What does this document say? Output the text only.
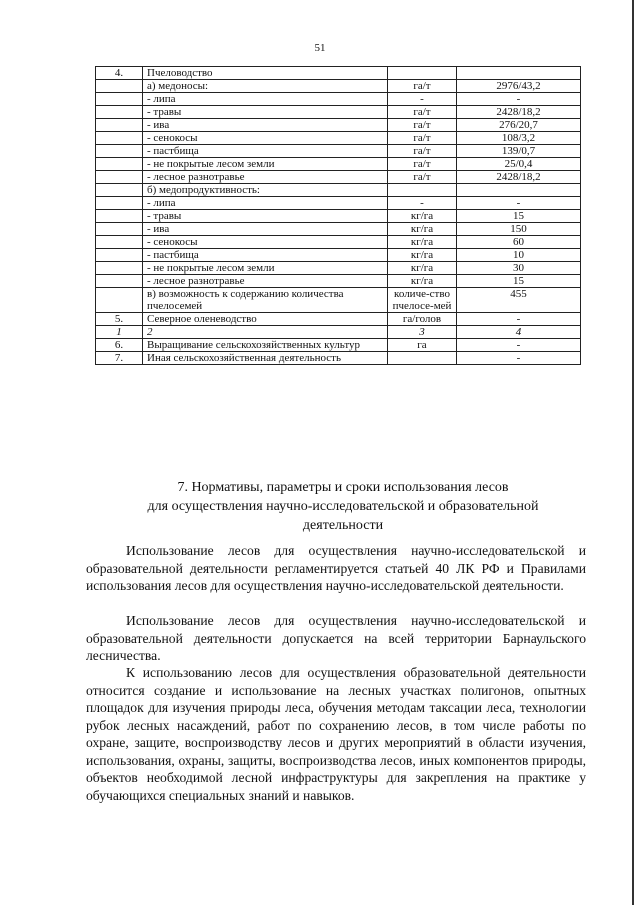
51
4.	Пчеловодство		
	а) медоносы:	га/т	2976/43,2
	- липа	-	-
	- травы	га/т	2428/18,2
	- ива	га/т	276/20,7
	- сенокосы	га/т	108/3,2
	- пастбища	га/т	139/0,7
	- не покрытые лесом земли	га/т	25/0,4
	- лесное разнотравье	га/т	2428/18,2
	б) медопродуктивность:		
	- липа	-	-
	- травы	кг/га	15
	- ива	кг/га	150
	- сенокосы	кг/га	60
	- пастбища	кг/га	10
	- не покрытые лесом земли	кг/га	30
	- лесное разнотравье	кг/га	15
	в) возможность к содержанию количества пчелосемей	количе-ство пчелосе-мей	455
5.	Северное оленеводство	га/голов	-
1	2	3	4
6.	Выращивание сельскохозяйственных культур	га	-
7.	Иная сельскохозяйственная деятельность		-
7. Нормативы, параметры и сроки использования лесов
для осуществления научно-исследовательской и образовательной
деятельности

Использование лесов для осуществления научно-исследовательской и образовательной деятельности регламентируется статьей 40 ЛК РФ и Правилами использования лесов для осуществления научно-исследовательской деятельности.

Использование лесов для осуществления научно-исследовательской и образовательной деятельности допускается на всей территории Барнаульского лесничества.

К использованию лесов для осуществления образовательной деятельности относится создание и использование на лесных участках полигонов, опытных площадок для изучения природы леса, обучения методам таксации леса, технологии рубок лесных насаждений, работ по сохранению лесов, в том числе работы по охране, защите, воспроизводству лесов и других мероприятий в области изучения, использования, охраны, защиты, воспроизводства лесов, иных компонентов природы, объектов необходимой лесной инфраструктуры для закрепления на практике у обучающихся специальных знаний и навыков.
